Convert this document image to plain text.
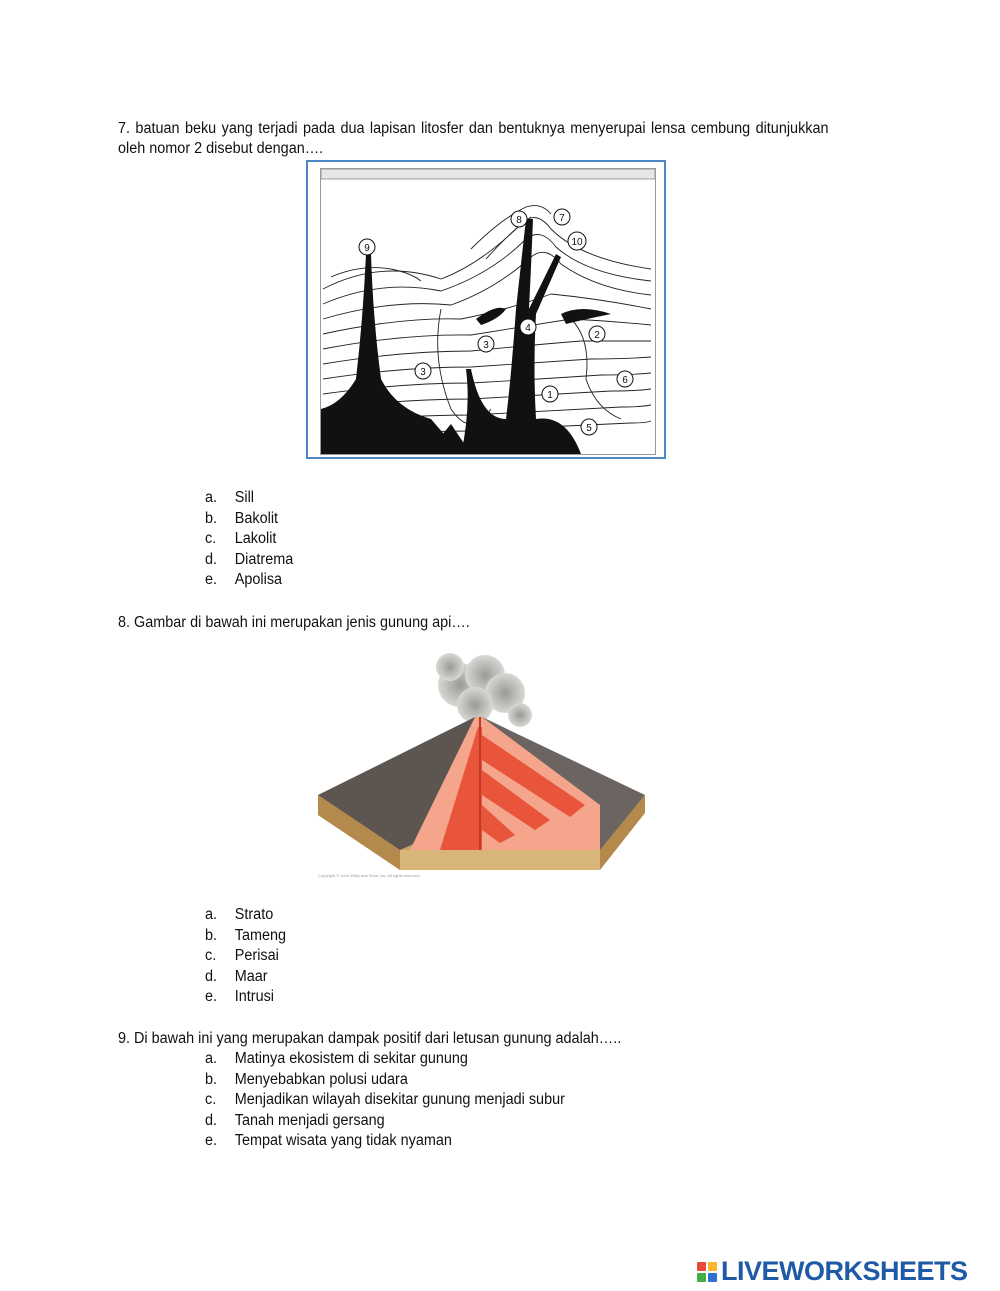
7. batuan beku yang terjadi pada dua lapisan litosfer dan bentuknya menyerupai lensa cembung ditunjukkan oleh nomor 2 disebut dengan….
9
8	7
10
3
4
2
3
1
6
5
a.	Sill
b.	Bakolit
c.	Lakolit
d.	Diatrema
e.	Apolisa
8. Gambar di bawah ini merupakan jenis gunung api….
Copyright © John Wiley and Sons, Inc. All rights reserved.
a.	Strato
b.	Tameng
c.	Perisai
d.	Maar
e.	Intrusi
9. Di bawah ini yang merupakan dampak positif dari letusan gunung adalah…..
a.	Matinya ekosistem di sekitar gunung
b.	Menyebabkan polusi udara
c.	Menjadikan wilayah disekitar gunung menjadi subur
d.	Tanah menjadi gersang
e.	Tempat wisata yang tidak nyaman
LIVEWORKSHEETS
